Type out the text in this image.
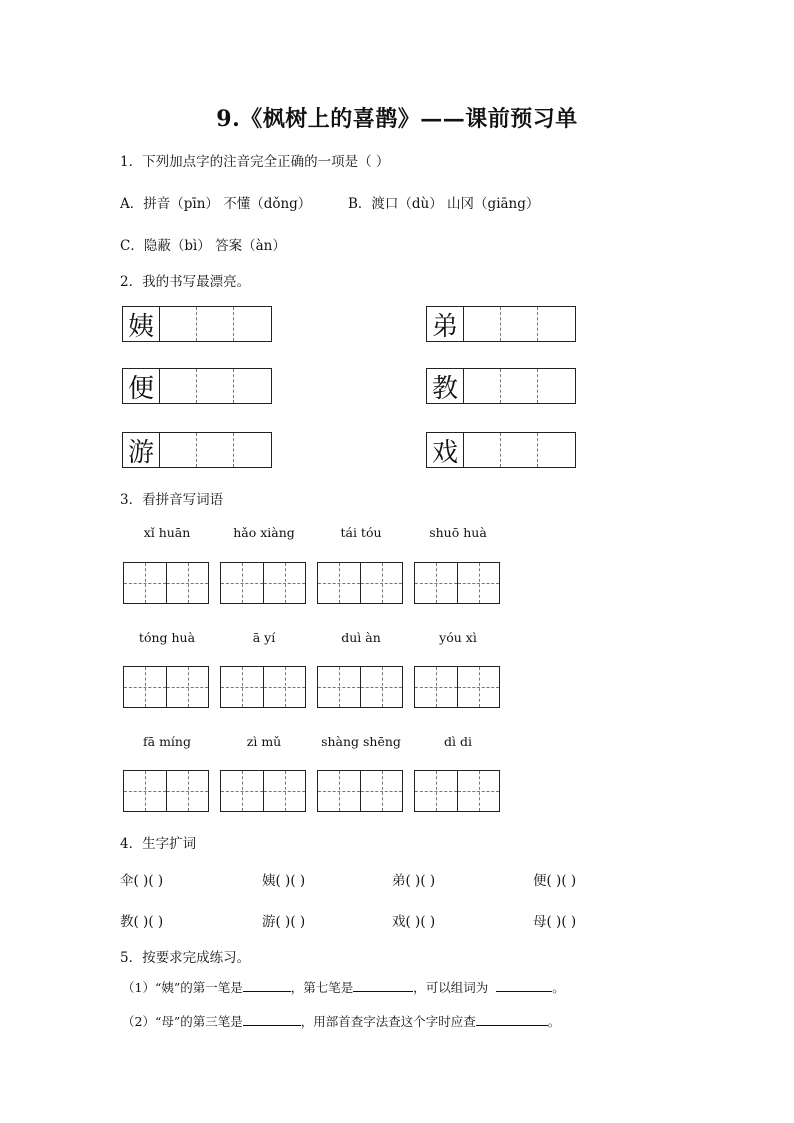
9.《枫树上的喜鹊》——课前预习单
1．下列加点字的注音完全正确的一项是（ ）
A．拼音（pīn） 不懂（dǒng）	B．渡口（dù） 山冈（giāng）
C．隐蔽（bì） 答案（àn）
2．我的书写最漂亮。
姨	弟
便	教
游	戏
3．看拼音写词语
xǐ huān	hǎo xiàng	tái tóu	shuō huà
tóng huà	ā yí	duì àn	yóu xì
fā míng	zì mǔ	shàng shēng	dì di
4．生字扩词
伞( )( )	姨( )( )	弟( )( )	便( )( )
教( )( )	游( )( )	戏( )( )	母( )( )
5．按要求完成练习。
（1）“姨”的第一笔是	，第七笔是	，可以组词为	。
（2）“母”的第三笔是	，用部首查字法查这个字时应查	。
